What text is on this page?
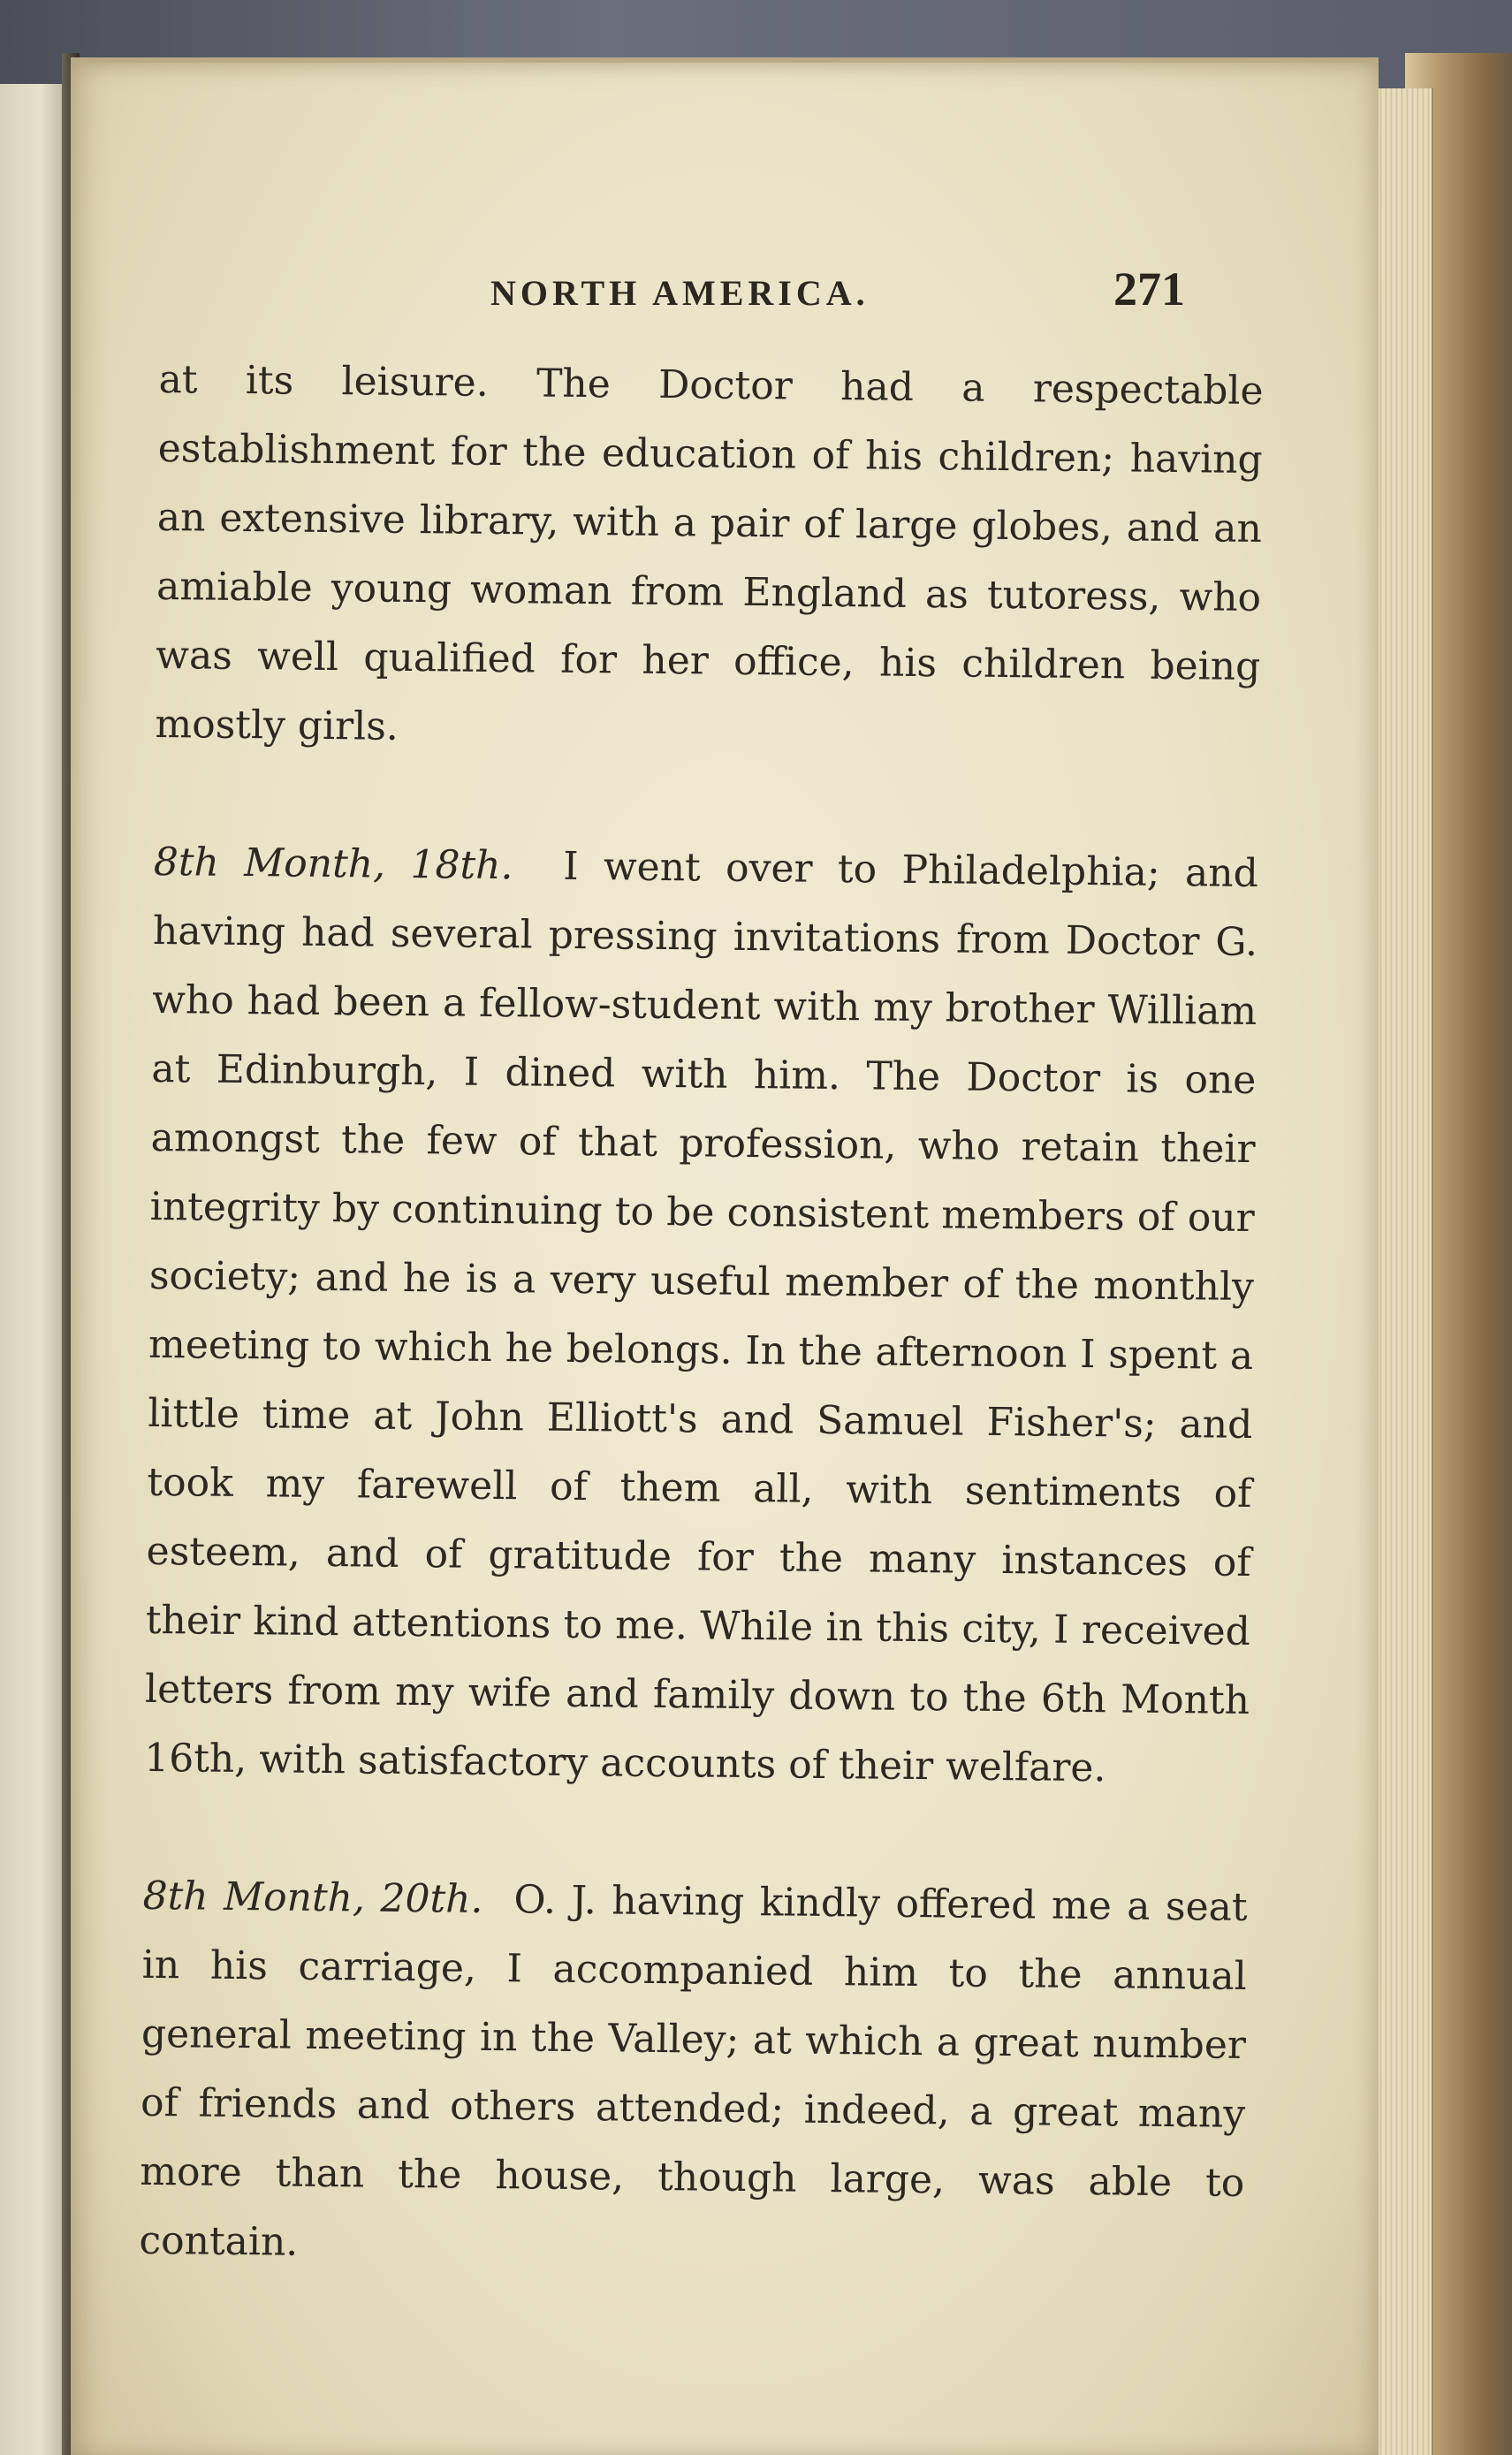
NORTH AMERICA.	271

at its leisure. The Doctor had a respectable establishment for the education of his children; having an extensive library, with a pair of large globes, and an amiable young woman from England as tutoress, who was well qualified for her office, his children being mostly girls.

8th Month, 18th. I went over to Philadelphia; and having had several pressing invitations from Doctor G. who had been a fellow-student with my brother William at Edinburgh, I dined with him. The Doctor is one amongst the few of that profession, who retain their integrity by continuing to be consistent members of our society; and he is a very useful member of the monthly meeting to which he belongs. In the afternoon I spent a little time at John Elliott's and Samuel Fisher's; and took my farewell of them all, with sentiments of esteem, and of gratitude for the many instances of their kind attentions to me. While in this city, I received letters from my wife and family down to the 6th Month 16th, with satisfactory accounts of their welfare.

8th Month, 20th. O. J. having kindly offered me a seat in his carriage, I accompanied him to the annual general meeting in the Valley; at which a great number of friends and others attended; indeed, a great many more than the house, though large, was able to contain.
